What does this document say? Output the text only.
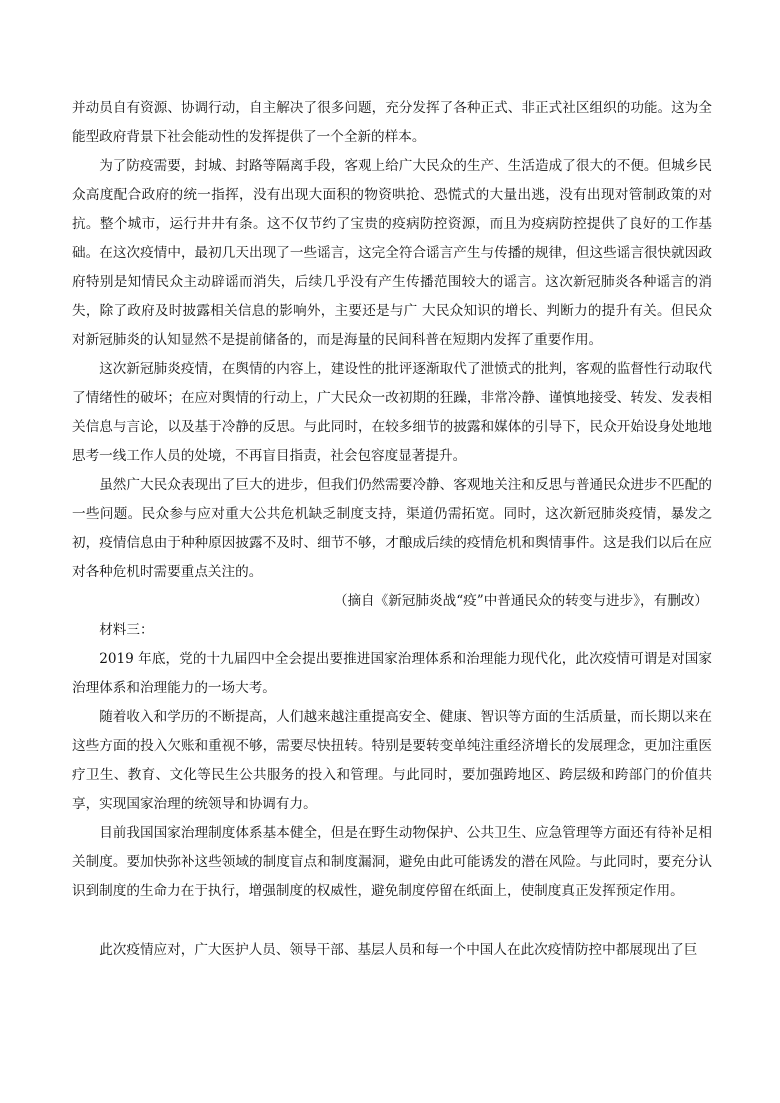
并动员自有资源、协调行动，自主解决了很多问题，充分发挥了各种正式、非正式社区组织的功能。这为全能型政府背景下社会能动性的发挥提供了一个全新的样本。

为了防疫需要，封城、封路等隔离手段，客观上给广大民众的生产、生活造成了很大的不便。但城乡民众高度配合政府的统一指挥，没有出现大面积的物资哄抢、恐慌式的大量出逃，没有出现对管制政策的对抗。整个城市，运行井井有条。这不仅节约了宝贵的疫病防控资源，而且为疫病防控提供了良好的工作基础。在这次疫情中，最初几天出现了一些谣言，这完全符合谣言产生与传播的规律，但这些谣言很快就因政府特别是知情民众主动辟谣而消失，后续几乎没有产生传播范围较大的谣言。这次新冠肺炎各种谣言的消失，除了政府及时披露相关信息的影响外，主要还是与广 大民众知识的增长、判断力的提升有关。但民众对新冠肺炎的认知显然不是提前储备的，而是海量的民间科普在短期内发挥了重要作用。

这次新冠肺炎疫情，在舆情的内容上，建设性的批评逐渐取代了泄愤式的批判，客观的监督性行动取代了情绪性的破坏；在应对舆情的行动上，广大民众一改初期的狂躁，非常冷静、谨慎地接受、转发、发表相关信息与言论，以及基于冷静的反思。与此同时，在较多细节的披露和媒体的引导下，民众开始设身处地地思考一线工作人员的处境，不再盲目指责，社会包容度显著提升。

虽然广大民众表现出了巨大的进步，但我们仍然需要冷静、客观地关注和反思与普通民众进步不匹配的一些问题。民众参与应对重大公共危机缺乏制度支持，渠道仍需拓宽。同时，这次新冠肺炎疫情，暴发之初，疫情信息由于种种原因披露不及时、细节不够，才酿成后续的疫情危机和舆情事件。这是我们以后在应对各种危机时需要重点关注的。

（摘自《新冠肺炎战“疫”中普通民众的转变与进步》，有删改）

材料三：

2019 年底，党的十九届四中全会提出要推进国家治理体系和治理能力现代化，此次疫情可谓是对国家治理体系和治理能力的一场大考。

随着收入和学历的不断提高，人们越来越注重提高安全、健康、智识等方面的生活质量，而长期以来在这些方面的投入欠账和重视不够，需要尽快扭转。特别是要转变单纯注重经济增长的发展理念，更加注重医疗卫生、教育、文化等民生公共服务的投入和管理。与此同时，要加强跨地区、跨层级和跨部门的价值共享，实现国家治理的统领导和协调有力。

目前我国国家治理制度体系基本健全，但是在野生动物保护、公共卫生、应急管理等方面还有待补足相关制度。要加快弥补这些领域的制度盲点和制度漏洞，避免由此可能诱发的潜在风险。与此同时，要充分认识到制度的生命力在于执行，增强制度的权威性，避免制度停留在纸面上，使制度真正发挥预定作用。

此次疫情应对，广大医护人员、领导干部、基层人员和每一个中国人在此次疫情防控中都展现出了巨
